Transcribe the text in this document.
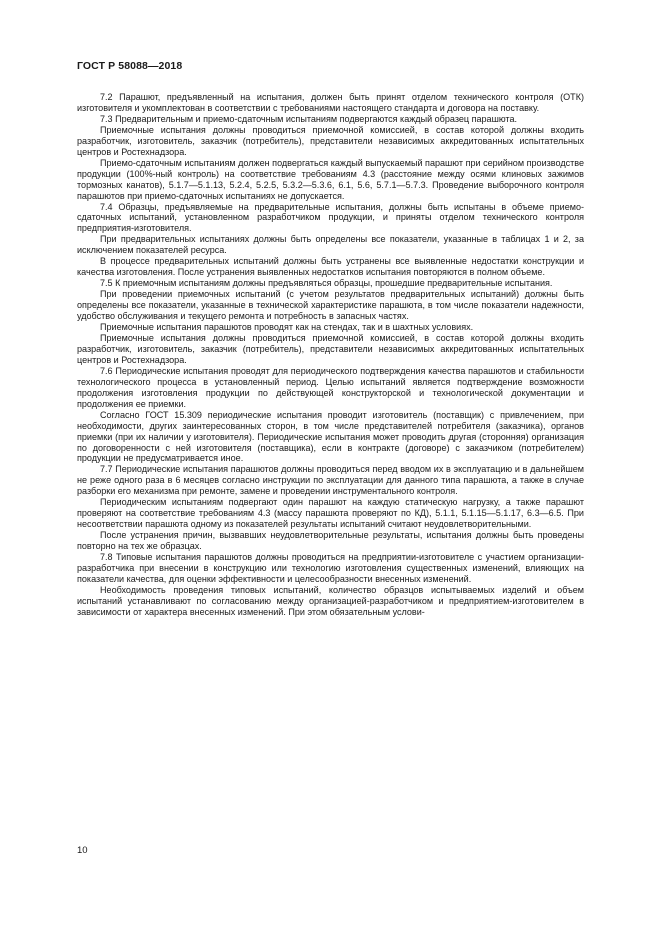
ГОСТ Р 58088—2018

7.2 Парашют, предъявленный на испытания, должен быть принят отделом технического контроля (ОТК) изготовителя и укомплектован в соответствии с требованиями настоящего стандарта и договора на поставку.

7.3 Предварительным и приемо-сдаточным испытаниям подвергаются каждый образец парашюта.

Приемочные испытания должны проводиться приемочной комиссией, в состав которой должны входить разработчик, изготовитель, заказчик (потребитель), представители независимых аккредитованных испытательных центров и Ростехнадзора.

Приемо-сдаточным испытаниям должен подвергаться каждый выпускаемый парашют при серийном производстве продукции (100%-ный контроль) на соответствие требованиям 4.3 (расстояние между осями клиновых зажимов тормозных канатов), 5.1.7—5.1.13, 5.2.4, 5.2.5, 5.3.2—5.3.6, 6.1, 5.6, 5.7.1—5.7.3. Проведение выборочного контроля парашютов при приемо-сдаточных испытаниях не допускается.

7.4 Образцы, предъявляемые на предварительные испытания, должны быть испытаны в объеме приемо-сдаточных испытаний, установленном разработчиком продукции, и приняты отделом технического контроля предприятия-изготовителя.

При предварительных испытаниях должны быть определены все показатели, указанные в таблицах 1 и 2, за исключением показателей ресурса.

В процессе предварительных испытаний должны быть устранены все выявленные недостатки конструкции и качества изготовления. После устранения выявленных недостатков испытания повторяются в полном объеме.

7.5 К приемочным испытаниям должны предъявляться образцы, прошедшие предварительные испытания.

При проведении приемочных испытаний (с учетом результатов предварительных испытаний) должны быть определены все показатели, указанные в технической характеристике парашюта, в том числе показатели надежности, удобство обслуживания и текущего ремонта и потребность в запасных частях.

Приемочные испытания парашютов проводят как на стендах, так и в шахтных условиях.

Приемочные испытания должны проводиться приемочной комиссией, в состав которой должны входить разработчик, изготовитель, заказчик (потребитель), представители независимых аккредитованных испытательных центров и Ростехнадзора.

7.6 Периодические испытания проводят для периодического подтверждения качества парашютов и стабильности технологического процесса в установленный период. Целью испытаний является подтверждение возможности продолжения изготовления продукции по действующей конструкторской и технологической документации и продолжения ее приемки.

Согласно ГОСТ 15.309 периодические испытания проводит изготовитель (поставщик) с привлечением, при необходимости, других заинтересованных сторон, в том числе представителей потребителя (заказчика), органов приемки (при их наличии у изготовителя). Периодические испытания может проводить другая (сторонняя) организация по договоренности с ней изготовителя (поставщика), если в контракте (договоре) с заказчиком (потребителем) продукции не предусматривается иное.

7.7 Периодические испытания парашютов должны проводиться перед вводом их в эксплуатацию и в дальнейшем не реже одного раза в 6 месяцев согласно инструкции по эксплуатации для данного типа парашюта, а также в случае разборки его механизма при ремонте, замене и проведении инструментального контроля.

Периодическим испытаниям подвергают один парашют на каждую статическую нагрузку, а также парашют проверяют на соответствие требованиям 4.3 (массу парашюта проверяют по КД), 5.1.1, 5.1.15—5.1.17, 6.3—6.5. При несоответствии парашюта одному из показателей результаты испытаний считают неудовлетворительными.

После устранения причин, вызвавших неудовлетворительные результаты, испытания должны быть проведены повторно на тех же образцах.

7.8 Типовые испытания парашютов должны проводиться на предприятии-изготовителе с участием организации-разработчика при внесении в конструкцию или технологию изготовления существенных изменений, влияющих на показатели качества, для оценки эффективности и целесообразности внесенных изменений.

Необходимость проведения типовых испытаний, количество образцов испытываемых изделий и объем испытаний устанавливают по согласованию между организацией-разработчиком и предприятием-изготовителем в зависимости от характера внесенных изменений. При этом обязательным услови-

10
